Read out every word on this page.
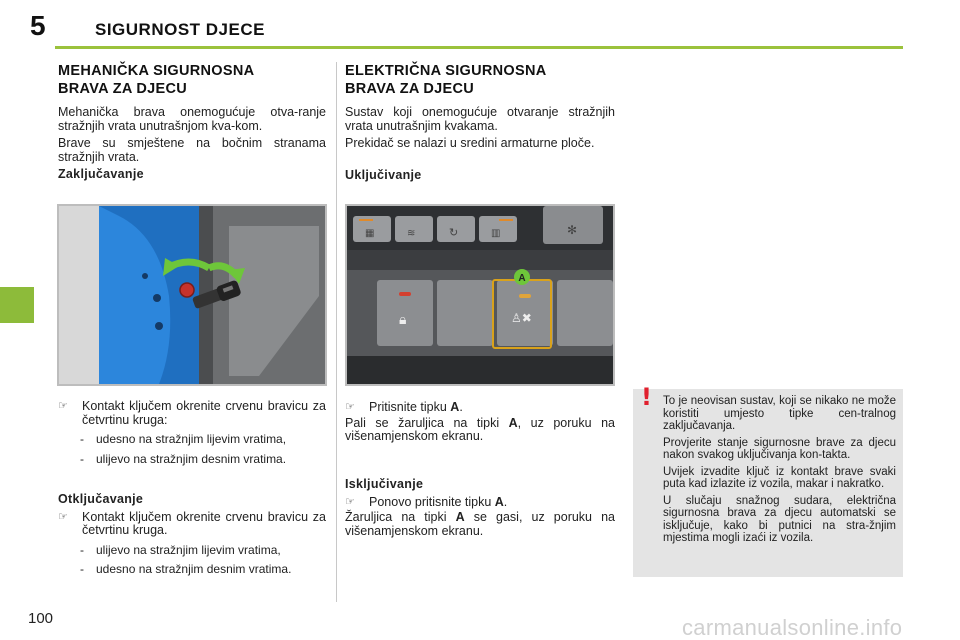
5	SIGURNOST DJECE
MEHANIČKA SIGURNOSNA
BRAVA ZA DJECU

Mehanička brava onemogućuje otva-ranje stražnjih vrata unutrašnjom kva-kom.

Brave su smještene na bočnim stranama stražnjih vrata.

Zaključavanje
☞	Kontakt ključem okrenite crvenu bravicu za četvrtinu kruga:
-	udesno na stražnjim lijevim vratima,
-	ulijevo na stražnjim desnim vratima.
Otključavanje
☞	Kontakt ključem okrenite crvenu bravicu za četvrtinu kruga.
-	ulijevo na stražnjim lijevim vratima,
-	udesno na stražnjim desnim vratima.
ELEKTRIČNA SIGURNOSNA
BRAVA ZA DJECU

Sustav koji onemogućuje otvaranje stražnjih vrata unutrašnjim kvakama.

Prekidač se nalazi u sredini armaturne ploče.

Uključivanje
▦	≋	↻	▥	✻
🔒︎	♙✖
A
☞	Pritisnite tipku A.

Pali se žaruljica na tipki A, uz poruku na višenamjenskom ekranu.

Isključivanje
☞	Ponovo pritisnite tipku A.

Žaruljica na tipki A se gasi, uz poruku na višenamjenskom ekranu.

! To je neovisan sustav, koji se nikako ne može koristiti umjesto tipke cen-tralnog zaključavanja.

Provjerite stanje sigurnosne brave za djecu nakon svakog uključivanja kon-takta.

Uvijek izvadite ključ iz kontakt brave svaki puta kad izlazite iz vozila, makar i nakratko.

U slučaju snažnog sudara, električna sigurnosna brava za djecu automatski se isključuje, kako bi putnici na stra-žnjim mjestima mogli izaći iz vozila.

100	carmanualsonline.info
